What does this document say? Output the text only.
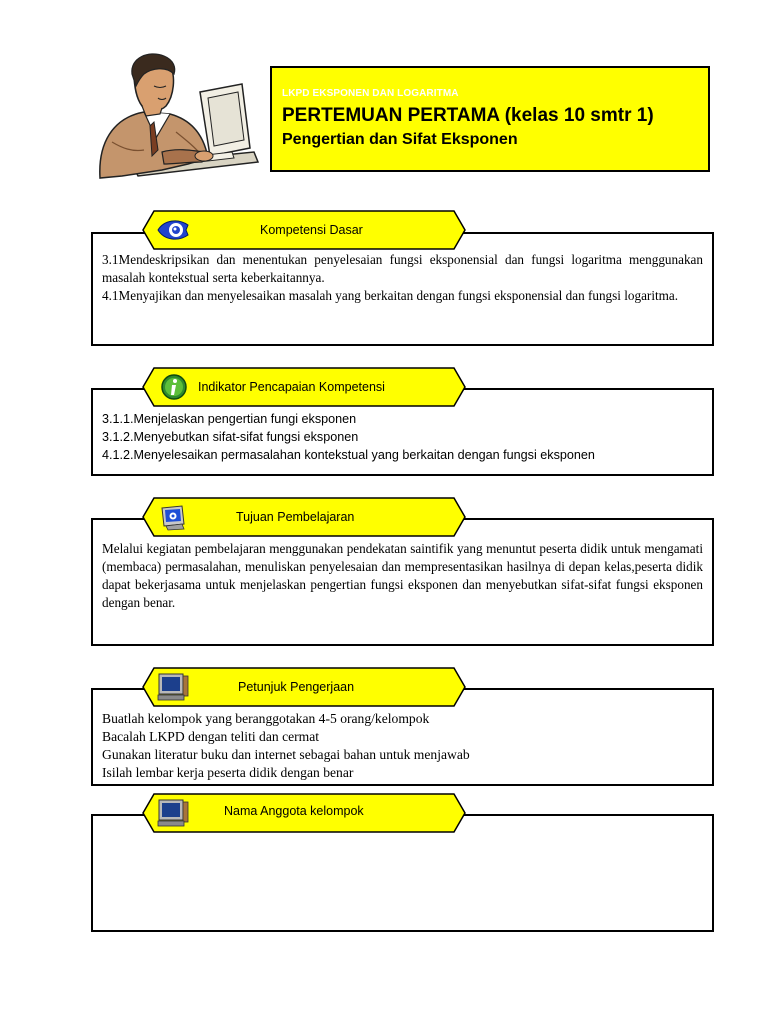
LKPD EKSPONEN DAN LOGARITMA
PERTEMUAN PERTAMA (kelas 10 smtr 1)
Pengertian dan Sifat Eksponen

3.1Mendeskripsikan dan menentukan penyelesaian fungsi eksponensial dan fungsi logaritma menggunakan masalah kontekstual serta keberkaitannya.

4.1Menyajikan dan menyelesaikan masalah yang berkaitan dengan fungsi eksponensial dan fungsi logaritma.

Kompetensi Dasar

3.1.1.Menjelaskan pengertian fungi eksponen

3.1.2.Menyebutkan sifat-sifat fungsi eksponen

4.1.2.Menyelesaikan permasalahan kontekstual yang berkaitan dengan fungsi eksponen

Indikator Pencapaian Kompetensi

Melalui kegiatan pembelajaran menggunakan pendekatan saintifik yang menuntut peserta didik untuk mengamati (membaca) permasalahan, menuliskan penyelesaian dan mempresentasikan hasilnya di depan kelas,peserta didik dapat bekerjasama untuk menjelaskan pengertian fungsi eksponen dan menyebutkan sifat-sifat fungsi eksponen dengan benar.

Tujuan Pembelajaran

Buatlah kelompok yang beranggotakan 4-5 orang/kelompok

Bacalah LKPD dengan teliti dan cermat

Gunakan literatur buku dan internet sebagai bahan untuk menjawab

Isilah lembar kerja peserta didik dengan benar

Petunjuk Pengerjaan
Nama Anggota kelompok
